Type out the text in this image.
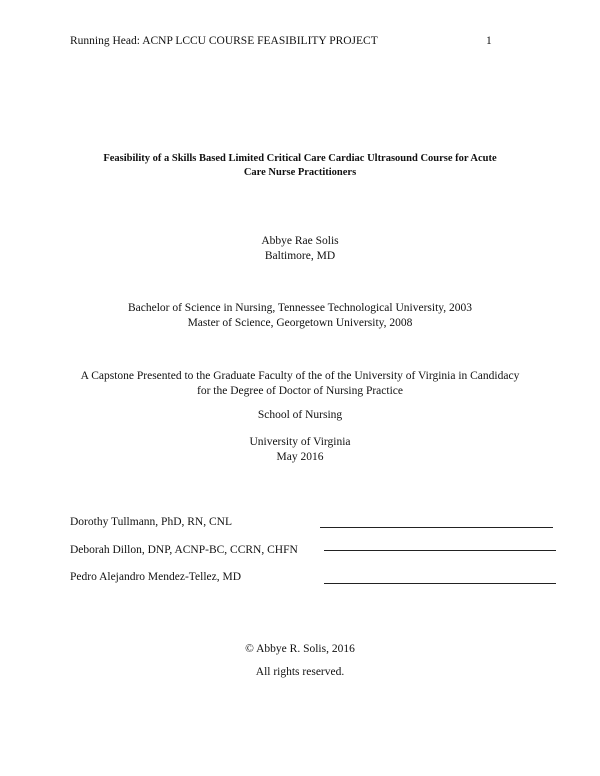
Running Head: ACNP LCCU COURSE FEASIBILITY PROJECT	1
Feasibility of a Skills Based Limited Critical Care Cardiac Ultrasound Course for Acute
Care Nurse Practitioners
Abbye Rae Solis
Baltimore, MD
Bachelor of Science in Nursing, Tennessee Technological University, 2003
Master of Science, Georgetown University, 2008
A Capstone Presented to the Graduate Faculty of the of the University of Virginia in Candidacy
for the Degree of Doctor of Nursing Practice
School of Nursing
University of Virginia
May 2016
Dorothy Tullmann, PhD, RN, CNL
Deborah Dillon, DNP, ACNP-BC, CCRN, CHFN
Pedro Alejandro Mendez-Tellez, MD
© Abbye R. Solis, 2016
All rights reserved.
